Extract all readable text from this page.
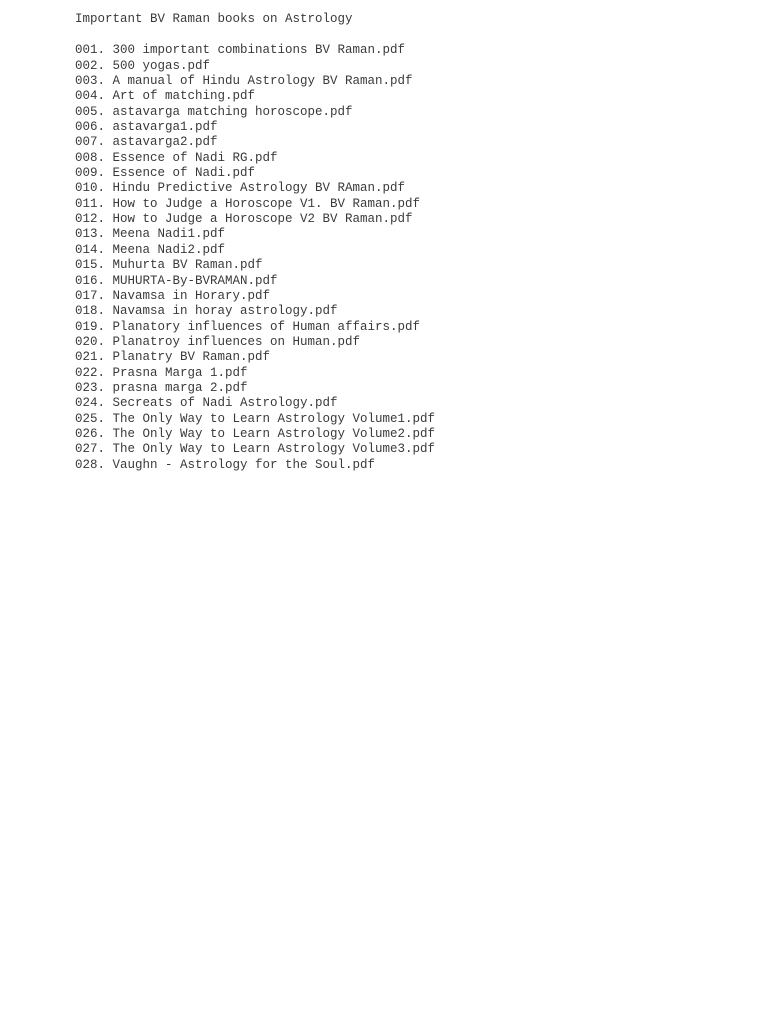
Important BV Raman books on Astrology
001. 300 important combinations BV Raman.pdf
002. 500 yogas.pdf
003. A manual of Hindu Astrology BV Raman.pdf
004. Art of matching.pdf
005. astavarga matching horoscope.pdf
006. astavarga1.pdf
007. astavarga2.pdf
008. Essence of Nadi RG.pdf
009. Essence of Nadi.pdf
010. Hindu Predictive Astrology BV RAman.pdf
011. How to Judge a Horoscope V1. BV Raman.pdf
012. How to Judge a Horoscope V2 BV Raman.pdf
013. Meena Nadi1.pdf
014. Meena Nadi2.pdf
015. Muhurta BV Raman.pdf
016. MUHURTA-By-BVRAMAN.pdf
017. Navamsa in Horary.pdf
018. Navamsa in horay astrology.pdf
019. Planatory influences of Human affairs.pdf
020. Planatroy influences on Human.pdf
021. Planatry BV Raman.pdf
022. Prasna Marga 1.pdf
023. prasna marga 2.pdf
024. Secreats of Nadi Astrology.pdf
025. The Only Way to Learn Astrology Volume1.pdf
026. The Only Way to Learn Astrology Volume2.pdf
027. The Only Way to Learn Astrology Volume3.pdf
028. Vaughn - Astrology for the Soul.pdf
